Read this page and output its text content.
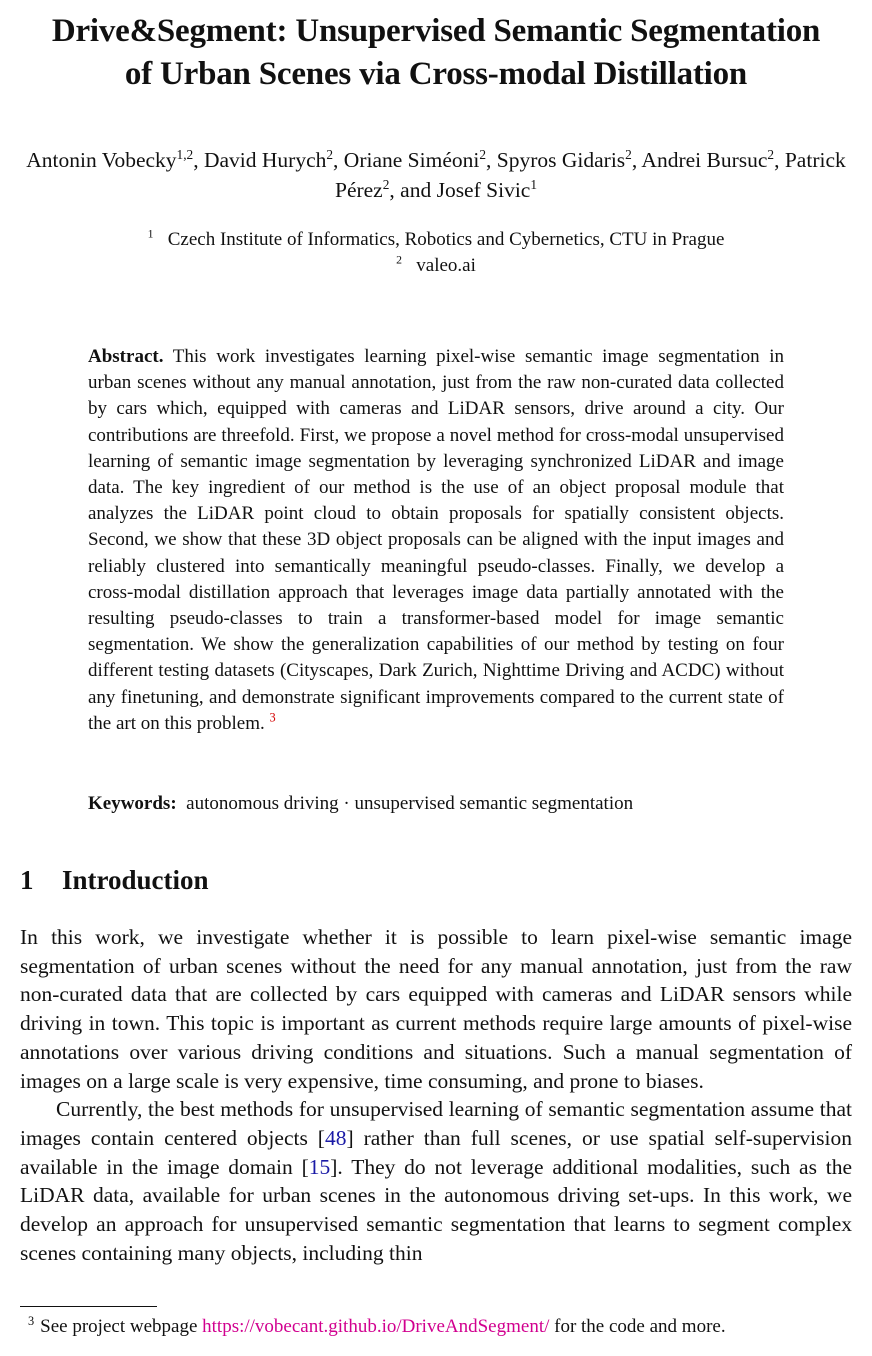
Drive&Segment: Unsupervised Semantic Segmentation
of Urban Scenes via Cross-modal Distillation
Antonin Vobecky$^{1,2}$, David Hurych$^2$, Oriane Siméoni$^2$, Spyros Gidaris$^2$, Andrei Bursuc$^2$, Patrick Pérez$^2$, and Josef Sivic$^1$
$^1$ Czech Institute of Informatics, Robotics and Cybernetics, CTU in Prague
$^2$ valeo.ai
Abstract. This work investigates learning pixel-wise semantic image segmentation in urban scenes without any manual annotation, just from the raw non-curated data collected by cars which, equipped with cameras and LiDAR sensors, drive around a city. Our contributions are threefold. First, we propose a novel method for cross-modal unsupervised learning of semantic image segmentation by leveraging synchronized LiDAR and image data. The key ingredient of our method is the use of an object proposal module that analyzes the LiDAR point cloud to obtain proposals for spatially consistent objects. Second, we show that these 3D object proposals can be aligned with the input images and reliably clustered into semantically meaningful pseudo-classes. Finally, we develop a cross-modal distillation approach that leverages image data partially annotated with the resulting pseudo-classes to train a transformer-based model for image semantic segmentation. We show the generalization capabilities of our method by testing on four different testing datasets (Cityscapes, Dark Zurich, Nighttime Driving and ACDC) without any finetuning, and demonstrate significant improvements compared to the current state of the art on this problem. $^3$
Keywords: autonomous driving · unsupervised semantic segmentation
1 Introduction

In this work, we investigate whether it is possible to learn pixel-wise semantic image segmentation of urban scenes without the need for any manual annotation, just from the raw non-curated data that are collected by cars equipped with cameras and LiDAR sensors while driving in town. This topic is important as current methods require large amounts of pixel-wise annotations over various driving conditions and situations. Such a manual segmentation of images on a large scale is very expensive, time consuming, and prone to biases.

Currently, the best methods for unsupervised learning of semantic segmentation assume that images contain centered objects [48] rather than full scenes, or use spatial self-supervision available in the image domain [15]. They do not leverage additional modalities, such as the LiDAR data, available for urban scenes in the autonomous driving set-ups. In this work, we develop an approach for unsupervised semantic segmentation that learns to segment complex scenes containing many objects, including thin

$^3$ See project webpage https://vobecant.github.io/DriveAndSegment/ for the code and more.
